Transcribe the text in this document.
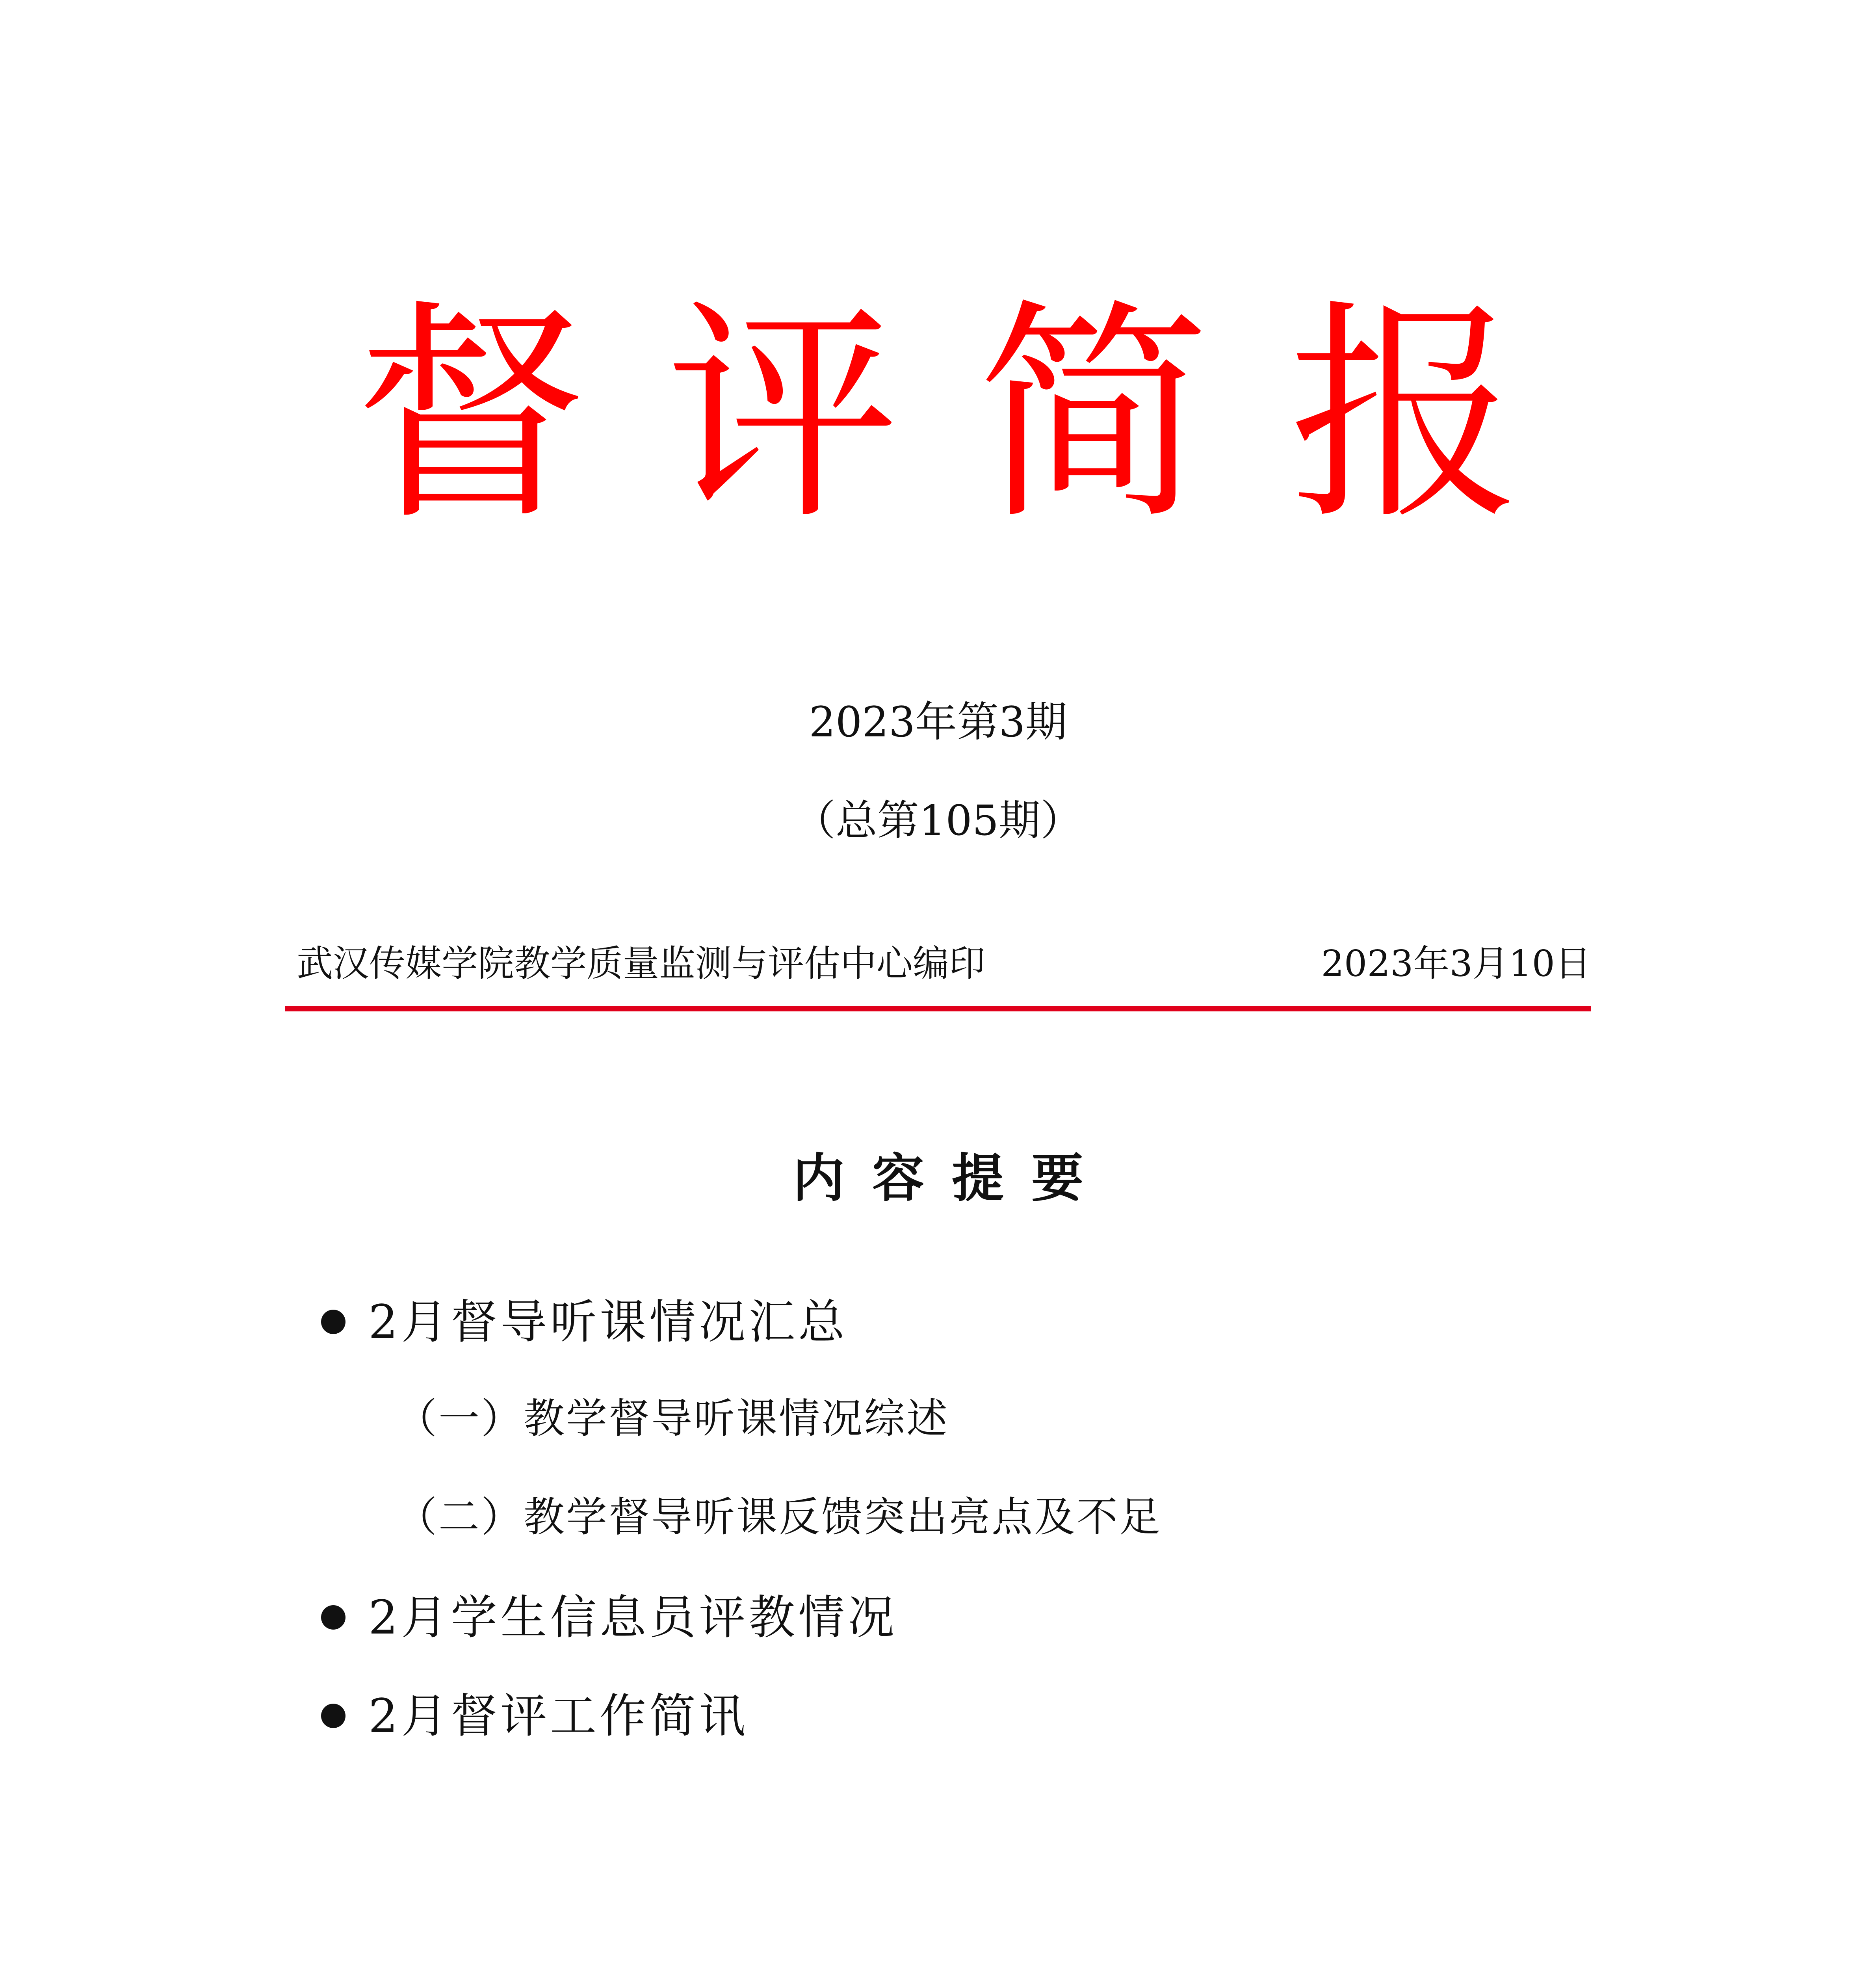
督评简报
2023年第3期
（总第105期）
武汉传媒学院教学质量监测与评估中心编印	2023年3月10日
内容提要
2月督导听课情况汇总
（一）教学督导听课情况综述
（二）教学督导听课反馈突出亮点及不足
2月学生信息员评教情况
2月督评工作简讯
